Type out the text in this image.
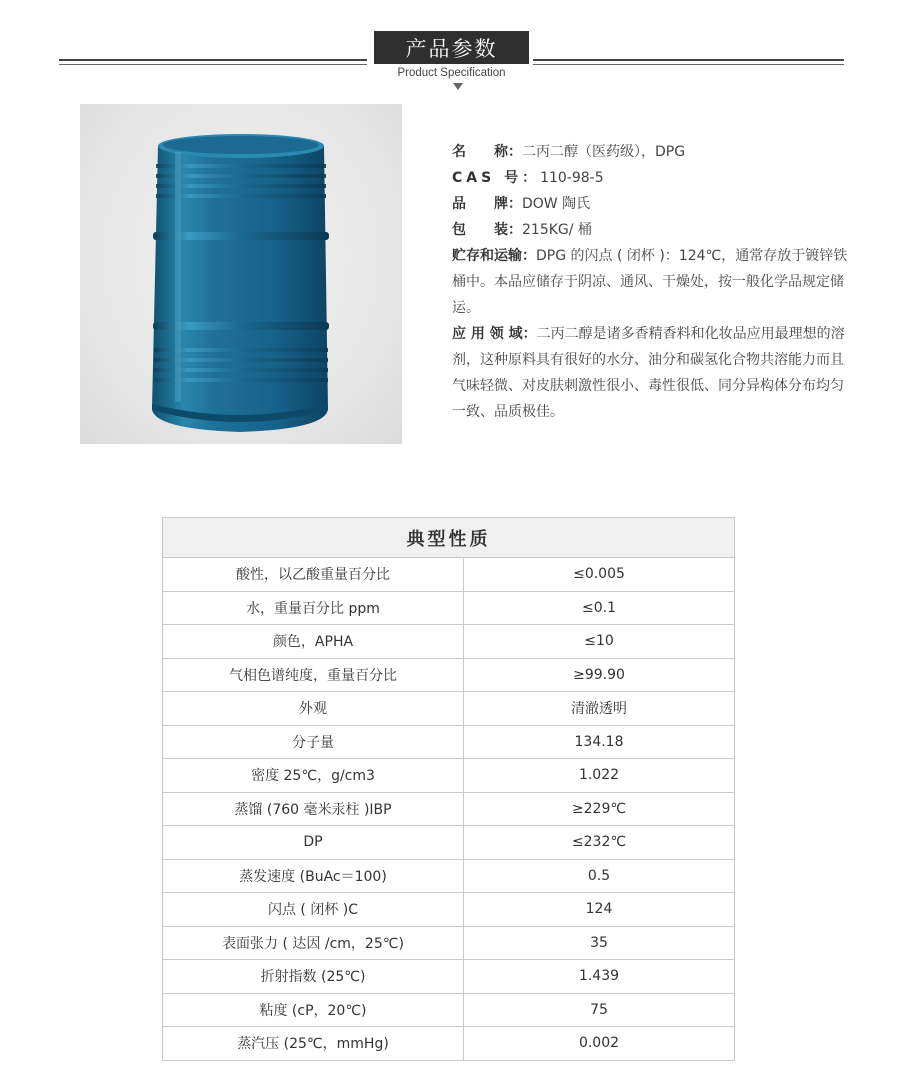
产品参数
Product Specification
名　　称： 二丙二醇（医药级），DPG
CAS 号： 110-98-5
品　　牌： DOW 陶氏
包　　装： 215KG/ 桶
贮存和运输：DPG 的闪点 ( 闭杯 )：124℃，通常存放于镀锌铁桶中。本品应储存于阴凉、通风、干燥处，按一般化学品规定储运。
应 用 领 域：二丙二醇是诸多香精香料和化妆品应用最理想的溶剂，这种原料具有很好的水分、油分和碳氢化合物共溶能力而且气味轻微、对皮肤刺激性很小、毒性很低、同分异构体分布均匀一致、品质极佳。
典型性质	
酸性，以乙酸重量百分比	≤0.005
水，重量百分比 ppm	≤0.1
颜色，APHA	≤10
气相色谱纯度，重量百分比	≥99.90
外观	清澈透明
分子量	134.18
密度 25℃，g/cm3	1.022
蒸馏 (760 毫米汞柱 )IBP	≥229℃
DP	≤232℃
蒸发速度 (BuAc＝100)	0.5
闪点 ( 闭杯 )C	124
表面张力 ( 达因 /cm，25℃)	35
折射指数 (25℃)	1.439
粘度 (cP，20℃)	75
蒸汽压 (25℃，mmHg)	0.002
